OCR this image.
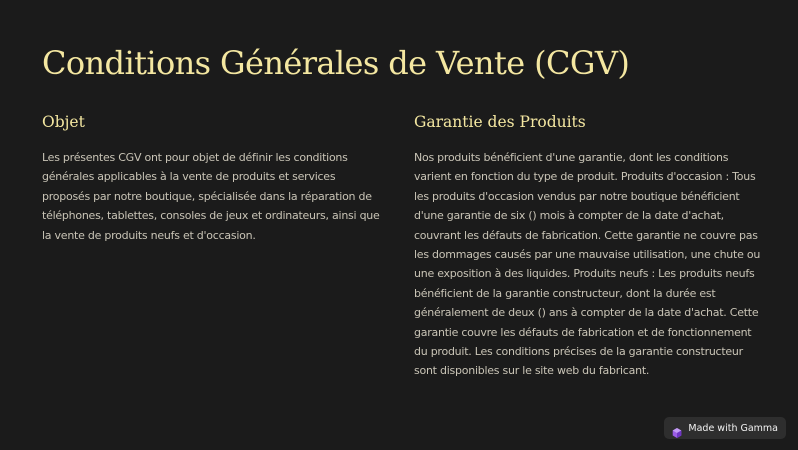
Conditions Générales de Vente (CGV)
Objet

Les présentes CGV ont pour objet de définir les conditions générales applicables à la vente de produits et services proposés par notre boutique, spécialisée dans la réparation de téléphones, tablettes, consoles de jeux et ordinateurs, ainsi que la vente de produits neufs et d'occasion.

Garantie des Produits

Nos produits bénéficient d'une garantie, dont les conditions varient en fonction du type de produit. Produits d'occasion : Tous les produits d'occasion vendus par notre boutique bénéficient d'une garantie de six () mois à compter de la date d'achat, couvrant les défauts de fabrication. Cette garantie ne couvre pas les dommages causés par une mauvaise utilisation, une chute ou une exposition à des liquides. Produits neufs : Les produits neufs bénéficient de la garantie constructeur, dont la durée est généralement de deux () ans à compter de la date d'achat. Cette garantie couvre les défauts de fabrication et de fonctionnement du produit. Les conditions précises de la garantie constructeur sont disponibles sur le site web du fabricant.

Made with Gamma
